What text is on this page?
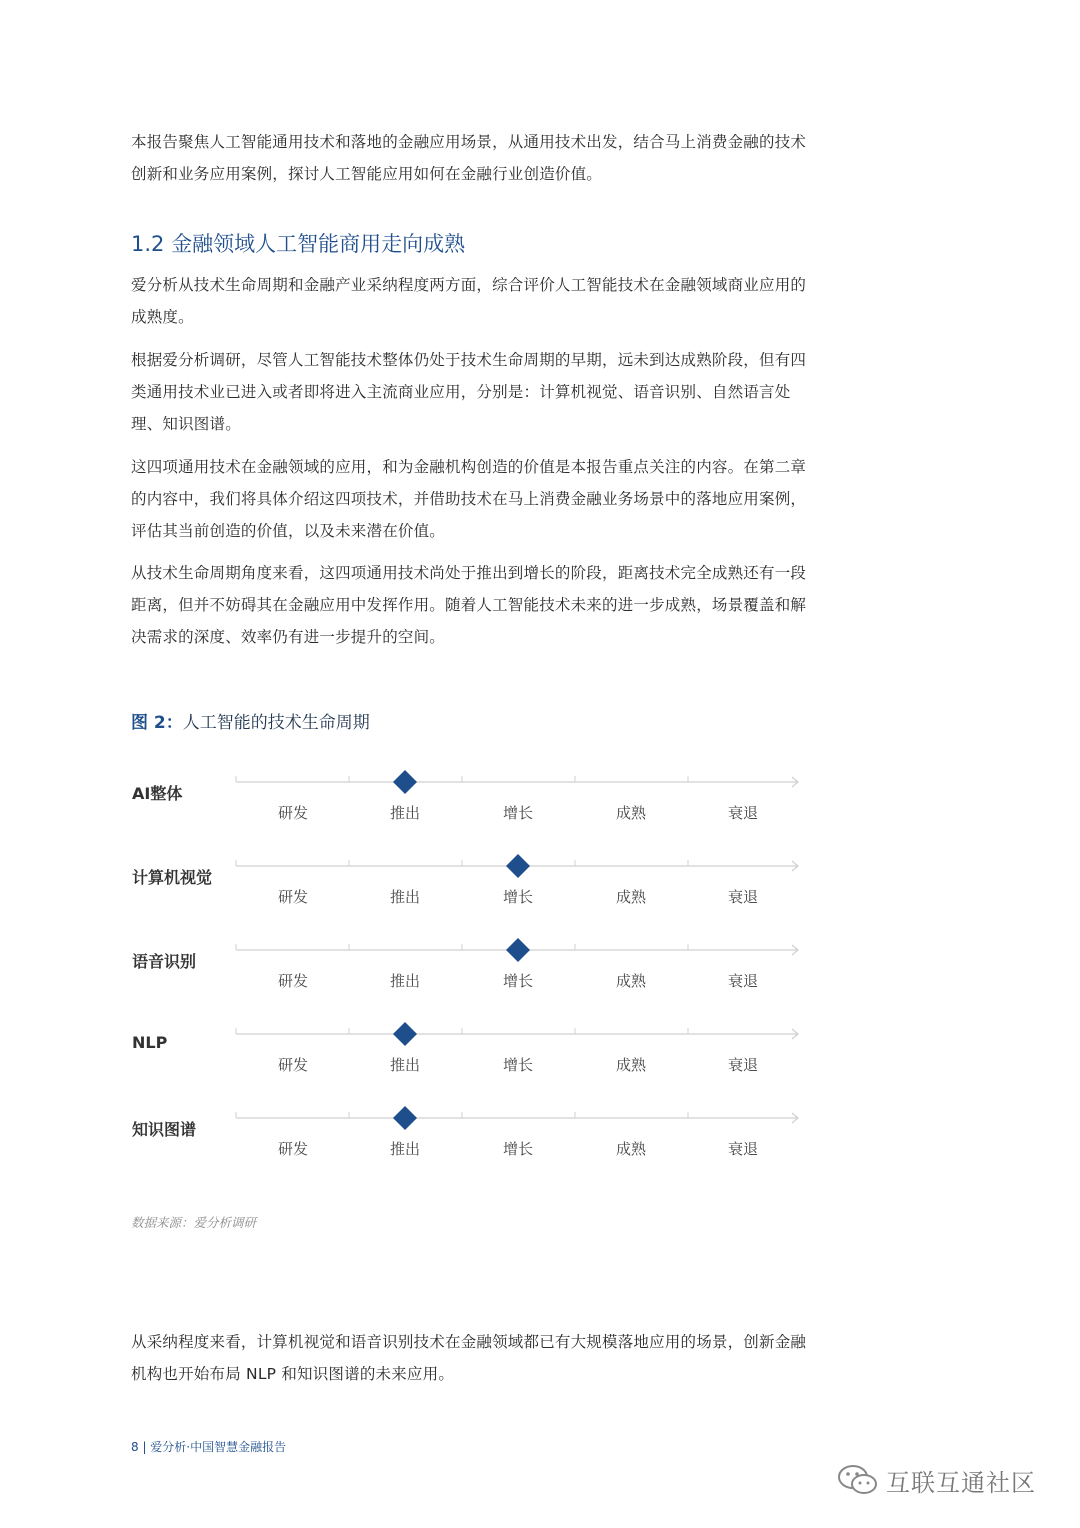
本报告聚焦人工智能通用技术和落地的金融应用场景，从通用技术出发，结合马上消费金融的技术创新和业务应用案例，探讨人工智能应用如何在金融行业创造价值。

1.2 金融领域人工智能商用走向成熟

爱分析从技术生命周期和金融产业采纳程度两方面，综合评价人工智能技术在金融领域商业应用的成熟度。

根据爱分析调研，尽管人工智能技术整体仍处于技术生命周期的早期，远未到达成熟阶段，但有四类通用技术业已进入或者即将进入主流商业应用，分别是：计算机视觉、语音识别、自然语言处理、知识图谱。

这四项通用技术在金融领域的应用，和为金融机构创造的价值是本报告重点关注的内容。在第二章的内容中，我们将具体介绍这四项技术，并借助技术在马上消费金融业务场景中的落地应用案例，评估其当前创造的价值，以及未来潜在价值。

从技术生命周期角度来看，这四项通用技术尚处于推出到增长的阶段，距离技术完全成熟还有一段距离，但并不妨碍其在金融应用中发挥作用。随着人工智能技术未来的进一步成熟，场景覆盖和解决需求的深度、效率仍有进一步提升的空间。

图 2：人工智能的技术生命周期
AI整体
研发	推出	增长	成熟	衰退
计算机视觉
研发	推出	增长	成熟	衰退
语音识别
研发	推出	增长	成熟	衰退
NLP
研发	推出	增长	成熟	衰退
知识图谱
研发	推出	增长	成熟	衰退

数据来源：爱分析调研

从采纳程度来看，计算机视觉和语音识别技术在金融领域都已有大规模落地应用的场景，创新金融机构也开始布局 NLP 和知识图谱的未来应用。

8 | 爱分析·中国智慧金融报告

互联互通社区
